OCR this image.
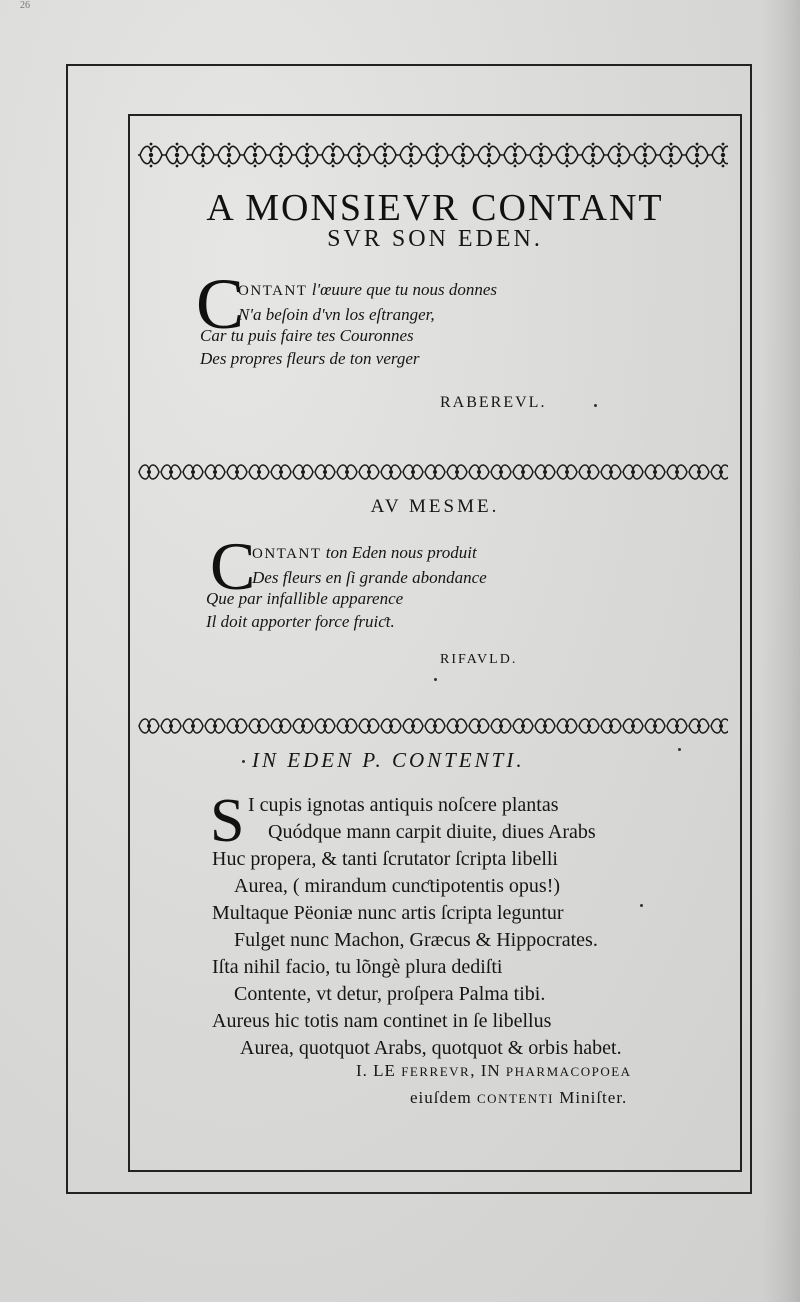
26
A MONSIEVR CONTANT
SVR SON EDEN.
C
ONTANT l'œuure que tu nous donnes
N'a beſoin d'vn los eſtranger,
Car tu puis faire tes Couronnes
Des propres fleurs de ton verger
RABEREVL.
AV MESME.
C
ONTANT ton Eden nous produit
Des fleurs en ſi grande abondance
Que par infallible apparence
Il doit apporter force fruiƈt.
RIFAVLD.
IN EDEN P. CONTENTI.
S I cupis ignotas antiquis noſcere plantas
Quódque mann carpit diuite, diues Arabs
Huc propera, & tanti ſcrutator ſcripta libelli
Aurea, ( mirandum cunƈtipotentis opus!)
Multaque Pëoniæ nunc artis ſcripta leguntur
Fulget nunc Machon, Græcus & Hippocrates.
Iſta nihil facio, tu lõngè plura dediſti
Contente, vt detur, proſpera Palma tibi.
Aureus hic totis nam continet in ſe libellus
Aurea, quotquot Arabs, quotquot & orbis habet.
I. LE FERREVR, IN PHARMACOPOEA
eiuſdem CONTENTI Miniſter.
